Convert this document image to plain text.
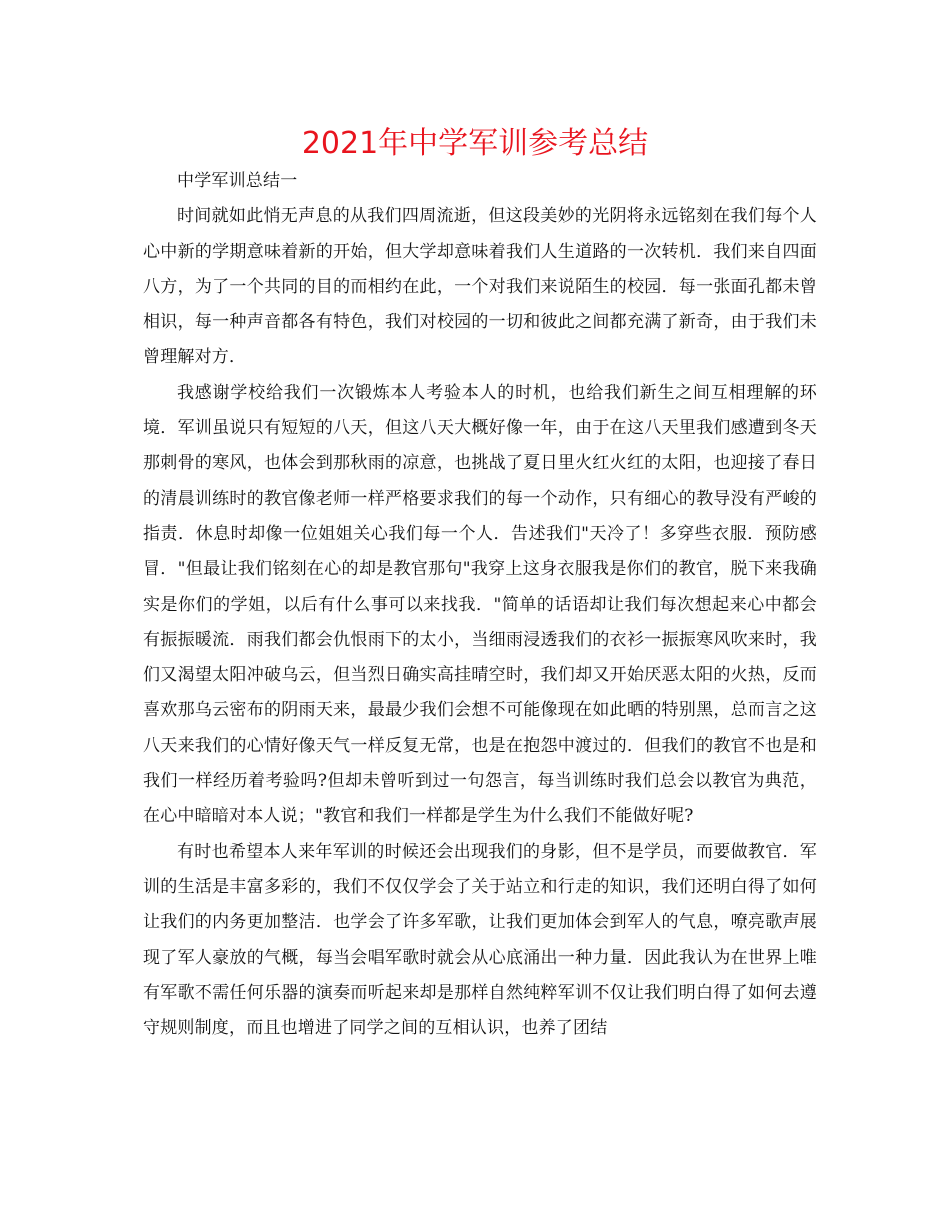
2021年中学军训参考总结

中学军训总结一

时间就如此悄无声息的从我们四周流逝，但这段美妙的光阴将永远铭刻在我们每个人心中新的学期意味着新的开始，但大学却意味着我们人生道路的一次转机．我们来自四面八方，为了一个共同的目的而相约在此，一个对我们来说陌生的校园．每一张面孔都未曾相识，每一种声音都各有特色，我们对校园的一切和彼此之间都充满了新奇，由于我们未曾理解对方．

我感谢学校给我们一次锻炼本人考验本人的时机，也给我们新生之间互相理解的环境．军训虽说只有短短的八天，但这八天大概好像一年，由于在这八天里我们感遭到冬天那刺骨的寒风，也体会到那秋雨的凉意，也挑战了夏日里火红火红的太阳，也迎接了春日的清晨训练时的教官像老师一样严格要求我们的每一个动作，只有细心的教导没有严峻的指责．休息时却像一位姐姐关心我们每一个人．告述我们"天冷了！多穿些衣服．预防感冒．"但最让我们铭刻在心的却是教官那句"我穿上这身衣服我是你们的教官，脱下来我确实是你们的学姐，以后有什么事可以来找我．"简单的话语却让我们每次想起来心中都会有振振暖流．雨我们都会仇恨雨下的太小，当细雨浸透我们的衣衫一振振寒风吹来时，我们又渴望太阳冲破乌云，但当烈日确实高挂晴空时，我们却又开始厌恶太阳的火热，反而喜欢那乌云密布的阴雨天来，最最少我们会想不可能像现在如此晒的特别黑，总而言之这八天来我们的心情好像天气一样反复无常，也是在抱怨中渡过的．但我们的教官不也是和我们一样经历着考验吗?但却未曾听到过一句怨言，每当训练时我们总会以教官为典范，在心中暗暗对本人说；"教官和我们一样都是学生为什么我们不能做好呢?

有时也希望本人来年军训的时候还会出现我们的身影，但不是学员，而要做教官．军训的生活是丰富多彩的，我们不仅仅学会了关于站立和行走的知识，我们还明白得了如何让我们的内务更加整洁．也学会了许多军歌，让我们更加体会到军人的气息，嘹亮歌声展现了军人豪放的气概，每当会唱军歌时就会从心底涌出一种力量．因此我认为在世界上唯有军歌不需任何乐器的演奏而听起来却是那样自然纯粹军训不仅让我们明白得了如何去遵守规则制度，而且也增进了同学之间的互相认识，也养了团结
